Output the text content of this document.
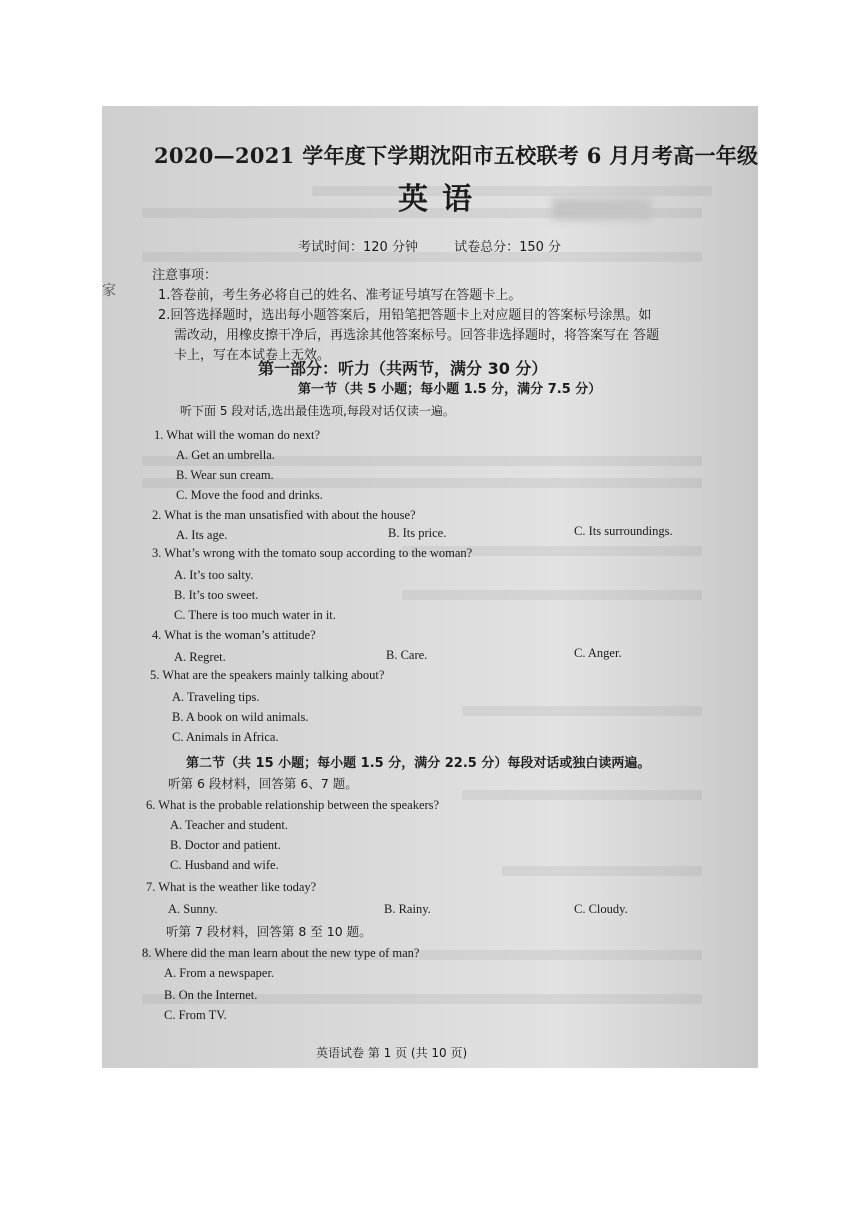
家
2020—2021 学年度下学期沈阳市五校联考 6 月月考高一年级
英语
考试时间：120 分钟	试卷总分：150 分
注意事项：
1.答卷前，考生务必将自己的姓名、准考证号填写在答题卡上。
2.回答选择题时，选出每小题答案后，用铅笔把答题卡上对应题目的答案标号涂黑。如
需改动，用橡皮擦干净后，再选涂其他答案标号。回答非选择题时，将答案写在 答题
卡上，写在本试卷上无效。
第一部分：听力（共两节，满分 30 分）
第一节（共 5 小题；每小题 1.5 分，满分 7.5 分）
听下面 5 段对话,选出最佳选项,每段对话仅读一遍。
1. What will the woman do next?
A. Get an umbrella.
B. Wear sun cream.
C. Move the food and drinks.
2. What is the man unsatisfied with about the house?
A. Its age.	B. Its price.	C. Its surroundings.
3. What’s wrong with the tomato soup according to the woman?
A. It’s too salty.
B. It’s too sweet.
C. There is too much water in it.
4. What is the woman’s attitude?
A. Regret.	B. Care.	C. Anger.
5. What are the speakers mainly talking about?
A. Traveling tips.
B. A book on wild animals.
C. Animals in Africa.
第二节（共 15 小题；每小题 1.5 分，满分 22.5 分）每段对话或独白读两遍。
听第 6 段材料，回答第 6、7 题。
6. What is the probable relationship between the speakers?
A. Teacher and student.
B. Doctor and patient.
C. Husband and wife.
7. What is the weather like today?
A. Sunny.	B. Rainy.	C. Cloudy.
听第 7 段材料，回答第 8 至 10 题。
8. Where did the man learn about the new type of man?
A. From a newspaper.
B. On the Internet.
C. From TV.
英语试卷 第 1 页 (共 10 页)
